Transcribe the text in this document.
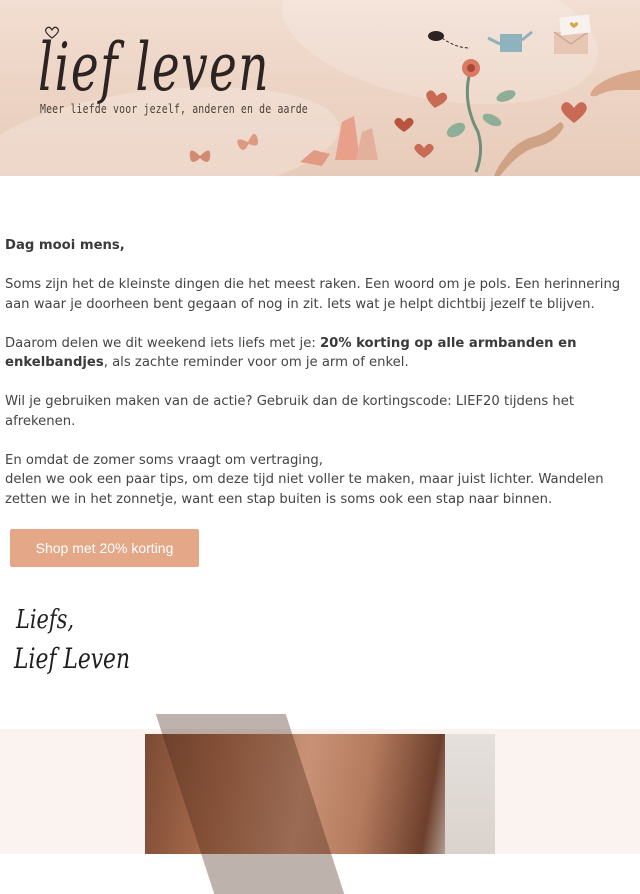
lief leven
Meer liefde voor jezelf, anderen en de aarde

Dag mooi mens,

Soms zijn het de kleinste dingen die het meest raken. Een woord om je pols. Een herinnering aan waar je doorheen bent gegaan of nog in zit. Iets wat je helpt dichtbij jezelf te blijven.

Daarom delen we dit weekend iets liefs met je: 20% korting op alle armbanden en enkelbandjes, als zachte reminder voor om je arm of enkel.

Wil je gebruiken maken van de actie? Gebruik dan de kortingscode: LIEF20 tijdens het afrekenen.

En omdat de zomer soms vraagt om vertraging,
delen we ook een paar tips, om deze tijd niet voller te maken, maar juist lichter. Wandelen zetten we in het zonnetje, want een stap buiten is soms ook een stap naar binnen.

Shop met 20% korting
Liefs,
Lief Leven
